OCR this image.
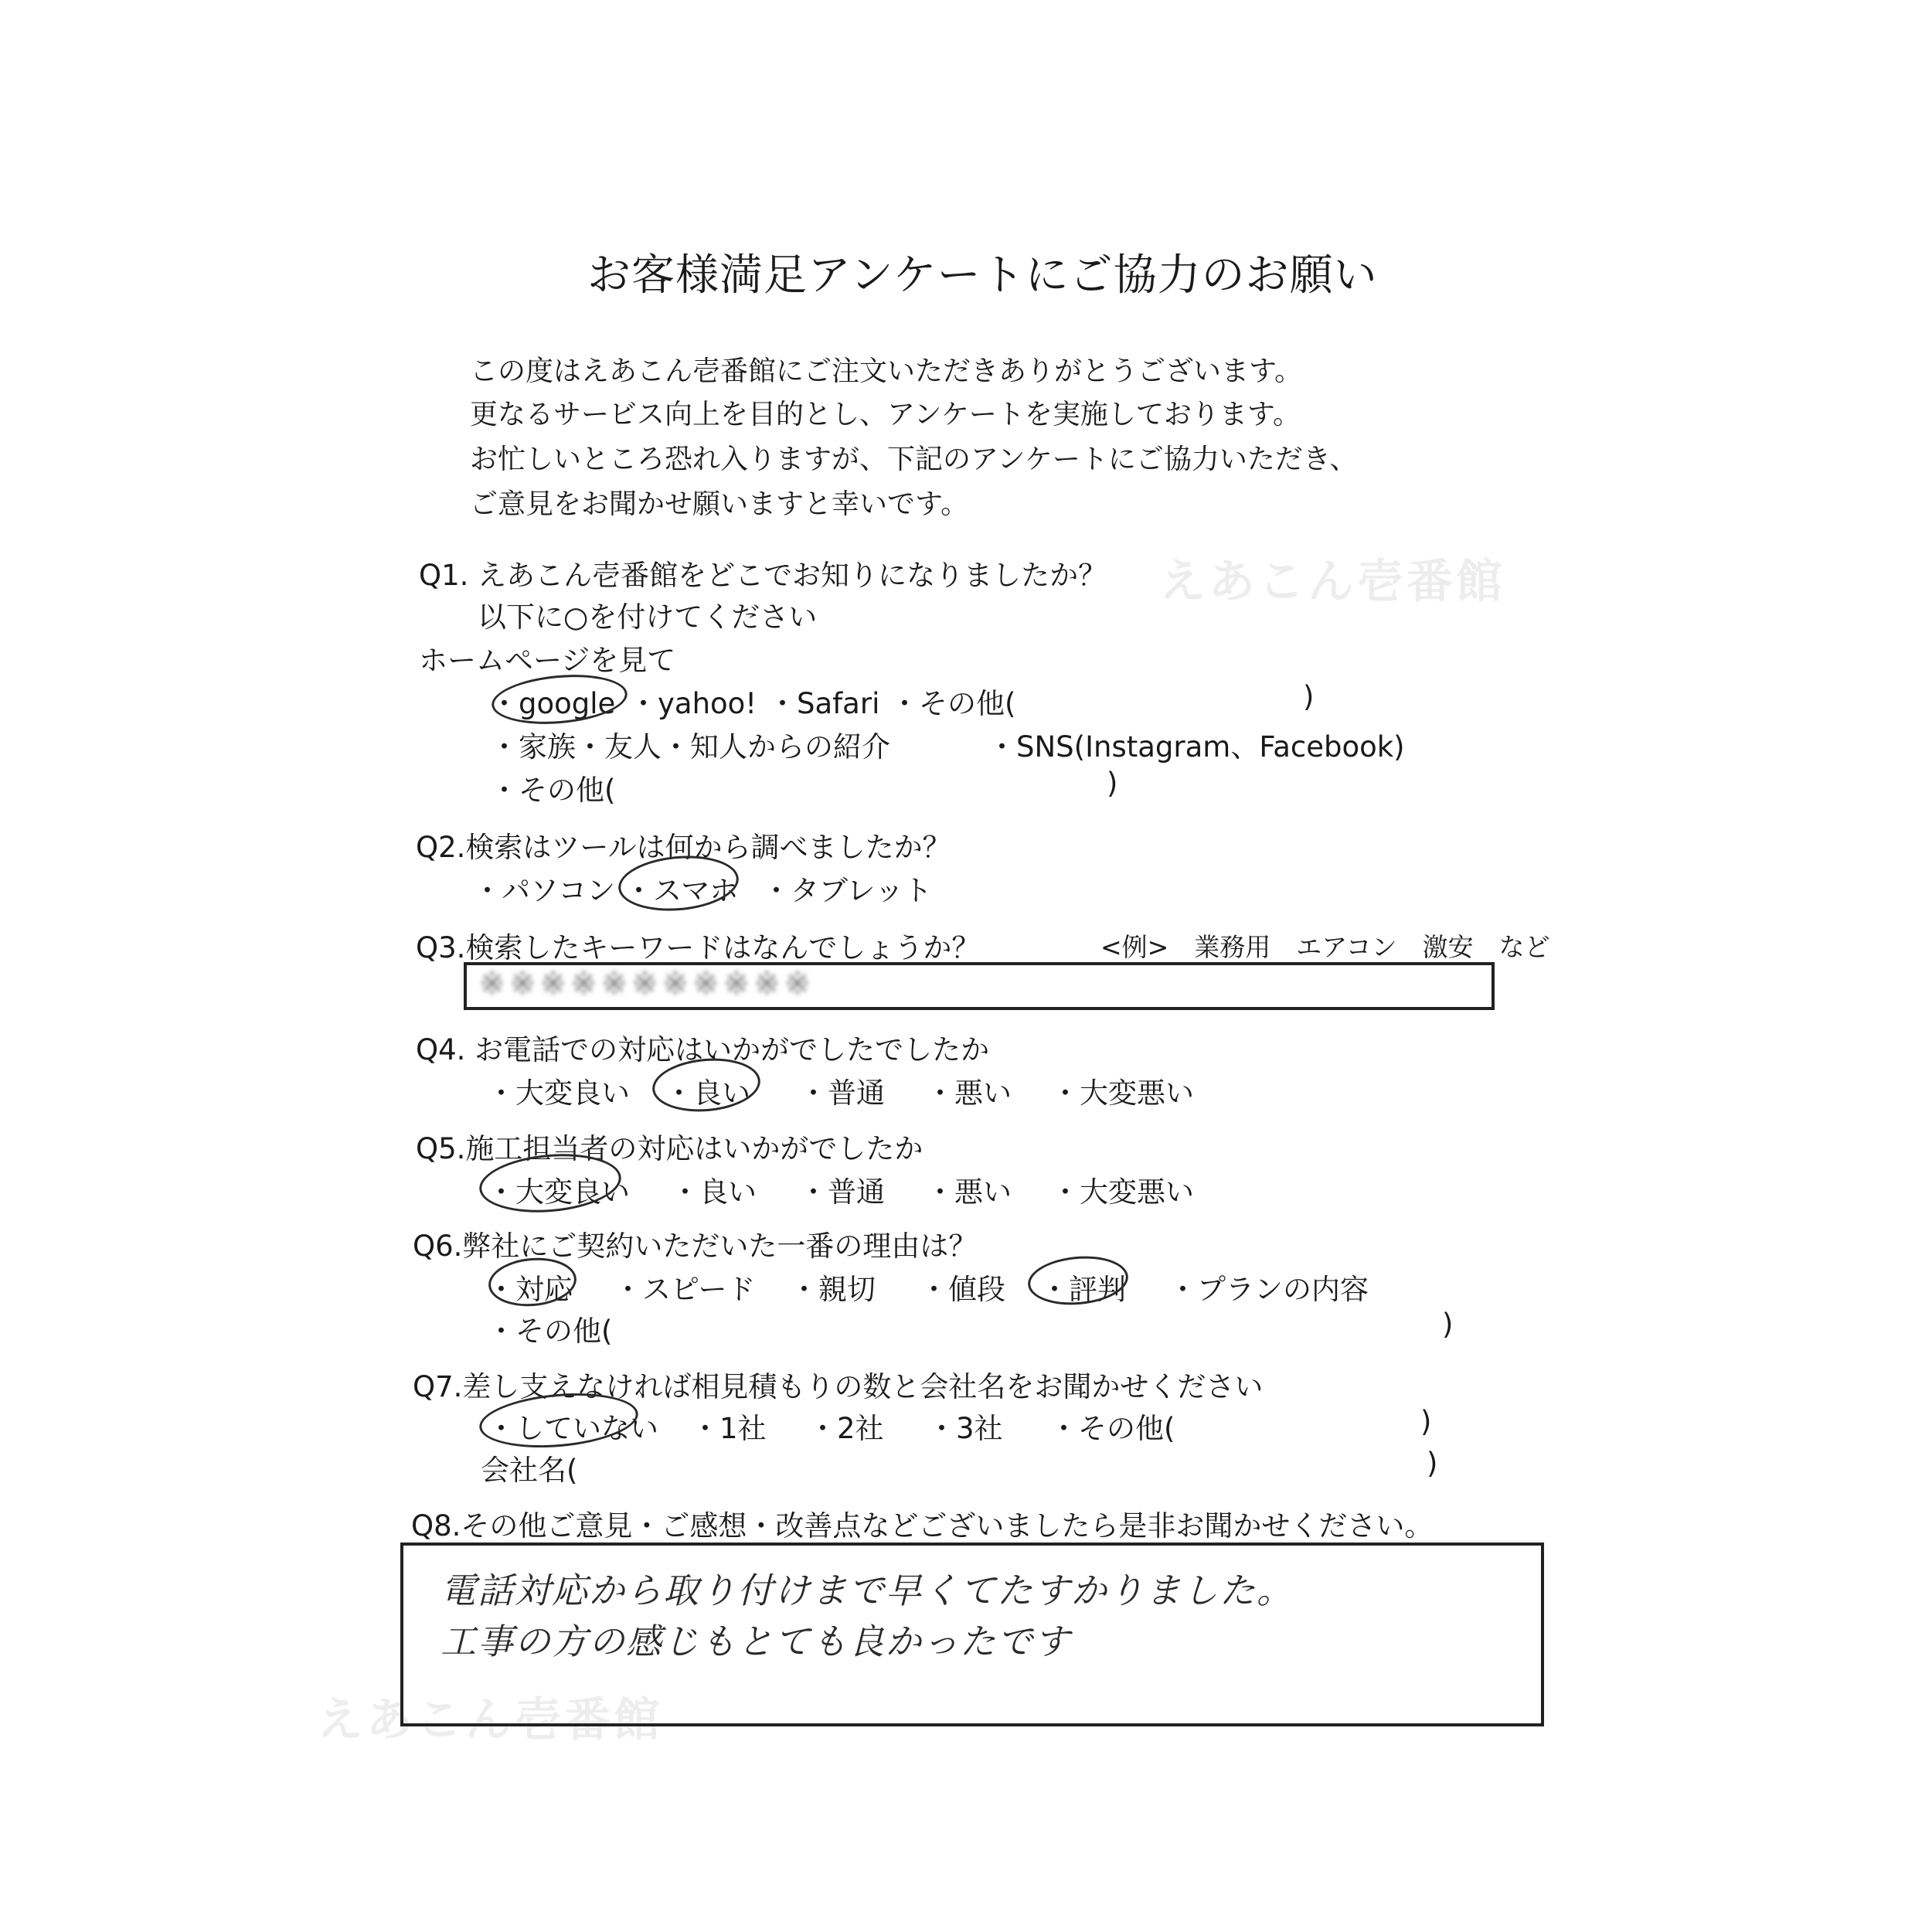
お客様満足アンケートにご協力のお願い
この度はえあこん壱番館にご注文いただきありがとうございます。
更なるサービス向上を目的とし、アンケートを実施しております。
お忙しいところ恐れ入りますが、下記のアンケートにご協力いただき、
ご意見をお聞かせ願いますと幸いです。
えあこん壱番館
えあこん壱番館
Q1. えあこん壱番館をどこでお知りになりましたか？
以下に○を付けてください
ホームページを見て
・google ・yahoo! ・Safari ・その他(	)
・家族・友人・知人からの紹介	・SNS(Instagram、Facebook)
・その他(	)
Q2.検索はツールは何から調べましたか？
・パソコン ・スマホ ・タブレット
Q3.検索したキーワードはなんでしょうか？	<例>　業務用　エアコン　激安　など
※※※※※※※※※※※
Q4. お電話での対応はいかがでしたでしたか
・大変良い ・良い ・普通 ・悪い ・大変悪い
Q5.施工担当者の対応はいかがでしたか
・大変良い ・良い ・普通 ・悪い ・大変悪い
Q6.弊社にご契約いただいた一番の理由は？
・対応 ・スピード ・親切 ・値段 ・評判 ・プランの内容
・その他(	)
Q7.差し支えなければ相見積もりの数と会社名をお聞かせください
・していない ・1社 ・2社 ・3社 ・その他(	)
会社名(	)
Q8.その他ご意見・ご感想・改善点などございましたら是非お聞かせください。
電話対応から取り付けまで早くてたすかりました。
工事の方の感じもとても良かったです
